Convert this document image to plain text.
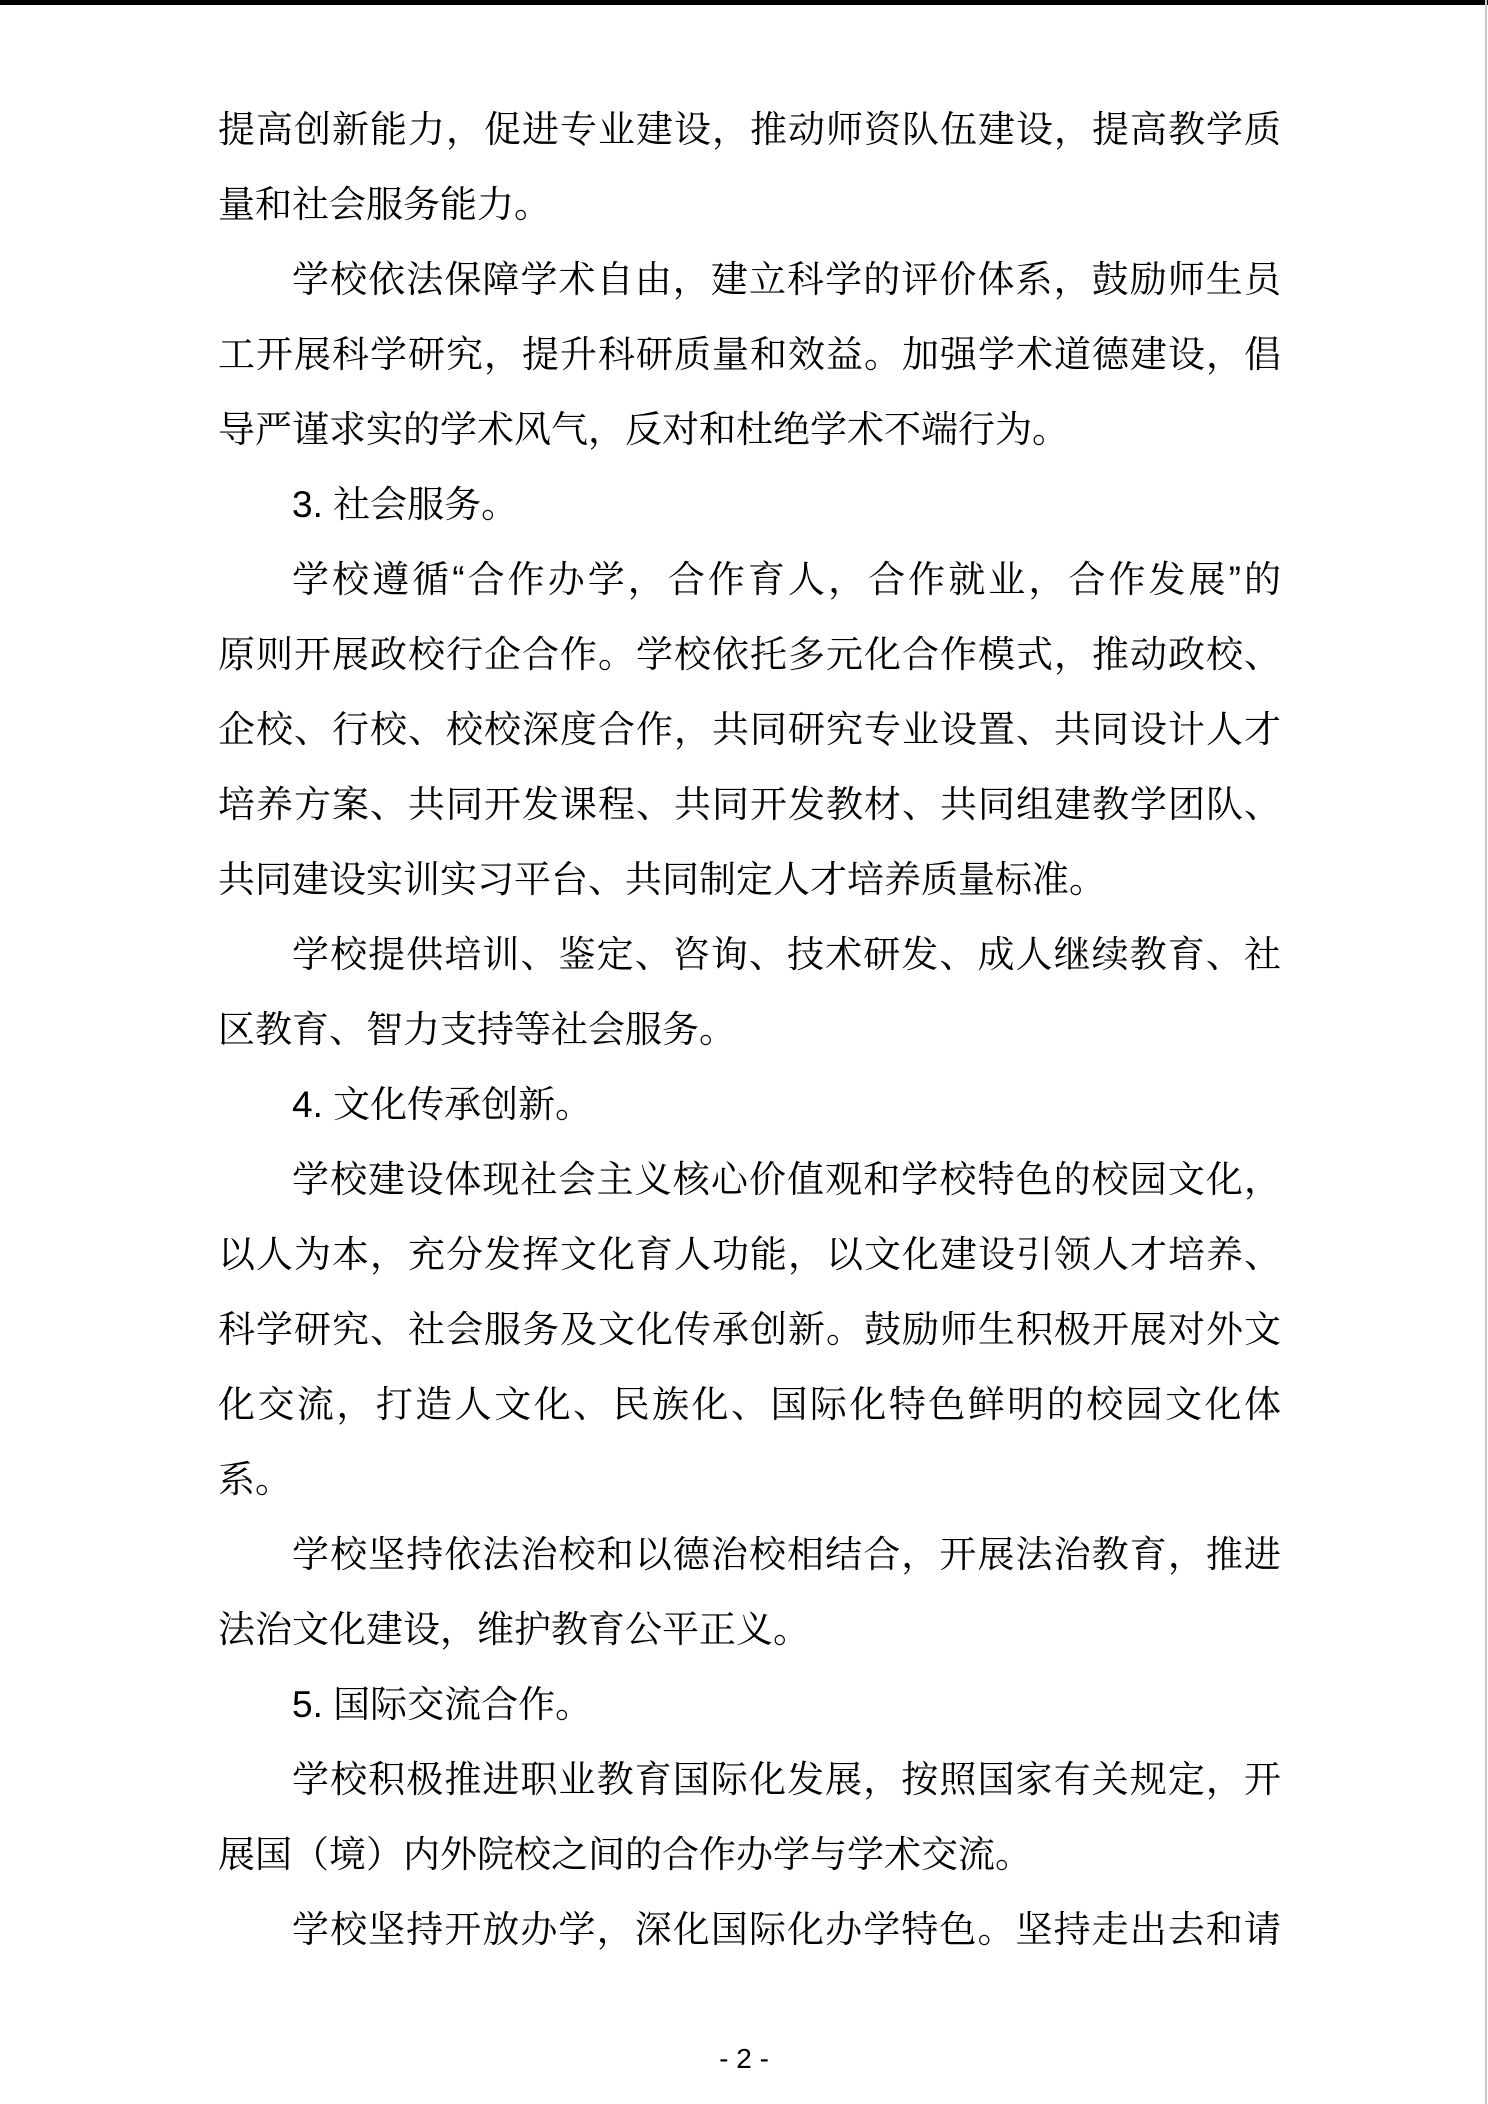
提高创新能力，促进专业建设，推动师资队伍建设，提高教学质
量和社会服务能力。
学校依法保障学术自由，建立科学的评价体系，鼓励师生员
工开展科学研究，提升科研质量和效益。加强学术道德建设，倡
导严谨求实的学术风气，反对和杜绝学术不端行为。
3. 社会服务。
学校遵循“合作办学，合作育人，合作就业，合作发展”的
原则开展政校行企合作。学校依托多元化合作模式，推动政校、
企校、行校、校校深度合作，共同研究专业设置、共同设计人才
培养方案、共同开发课程、共同开发教材、共同组建教学团队、
共同建设实训实习平台、共同制定人才培养质量标准。
学校提供培训、鉴定、咨询、技术研发、成人继续教育、社
区教育、智力支持等社会服务。
4. 文化传承创新。
学校建设体现社会主义核心价值观和学校特色的校园文化，
以人为本，充分发挥文化育人功能，以文化建设引领人才培养、
科学研究、社会服务及文化传承创新。鼓励师生积极开展对外文
化交流，打造人文化、民族化、国际化特色鲜明的校园文化体
系。
学校坚持依法治校和以德治校相结合，开展法治教育，推进
法治文化建设，维护教育公平正义。
5. 国际交流合作。
学校积极推进职业教育国际化发展，按照国家有关规定，开
展国（境）内外院校之间的合作办学与学术交流。
学校坚持开放办学，深化国际化办学特色。坚持走出去和请
- 2 -
